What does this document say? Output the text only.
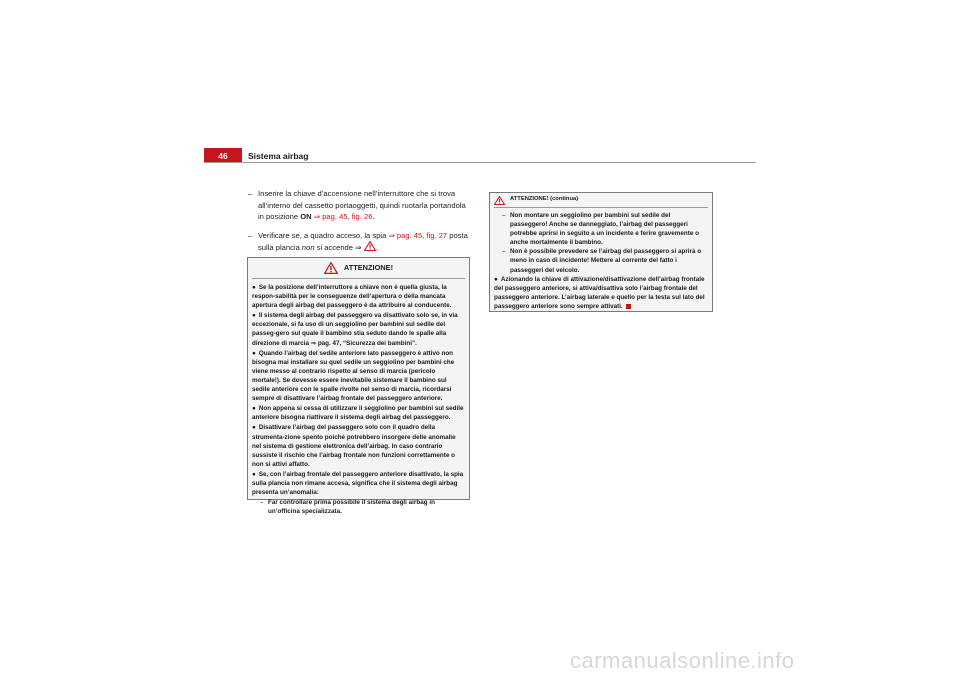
46	Sistema airbag
– Inserire la chiave d’accensione nell’interruttore che si trova all’interno del cassetto portaoggetti, quindi ruotarla portandola in posizione ON ⇒ pag. 45, fig. 26.
– Verificare se, a quadro acceso, la spia ⇒ pag. 45, fig. 27 posta sulla plancia non si accende ⇒ .
ATTENZIONE!
● Se la posizione dell’interruttore a chiave non è quella giusta, la respon-sabilità per le conseguenze dell’apertura o della mancata apertura degli airbag del passeggero è da attribuire al conducente.
● Il sistema degli airbag del passeggero va disattivato solo se, in via eccezionale, si fa uso di un seggiolino per bambini sul sedile del passeg-gero sul quale il bambino stia seduto dando le spalle alla direzione di marcia ⇒ pag. 47, “Sicurezza dei bambini”.
● Quando l’airbag del sedile anteriore lato passeggero è attivo non bisogna mai installare su quel sedile un seggiolino per bambini che viene messo al contrario rispetto al senso di marcia (pericolo mortale!). Se dovesse essere inevitabile sistemare il bambino sul sedile anteriore con le spalle rivolte nel senso di marcia, ricordarsi sempre di disattivare l’airbag frontale del passeggero anteriore.
● Non appena si cessa di utilizzare il seggiolino per bambini sul sedile anteriore bisogna riattivare il sistema degli airbag del passeggero.
● Disattivare l’airbag del passeggero solo con il quadro della strumenta-zione spento poiché potrebbero insorgere delle anomalie nel sistema di gestione elettronica dell’airbag. In caso contrario sussiste il rischio che l’airbag frontale non funzioni correttamente o non si attivi affatto.
● Se, con l’airbag frontale del passeggero anteriore disattivato, la spia sulla plancia non rimane accesa, significa che il sistema degli airbag presenta un’anomalia:
– Far controllare prima possibile il sistema degli airbag in un’officina specializzata.
ATTENZIONE! (continua)
– Non montare un seggiolino per bambini sul sedile del passeggero! Anche se danneggiato, l’airbag del passeggeri potrebbe aprirsi in seguito a un incidente e ferire gravemente o anche mortalmente il bambino.
– Non è possibile prevedere se l’airbag del passeggero si aprirà o meno in caso di incidente! Mettere al corrente del fatto i passeggeri del veicolo.
● Azionando la chiave di attivazione/disattivazione dell’airbag frontale del passeggero anteriore, si attiva/disattiva solo l’airbag frontale del passeggero anteriore. L’airbag laterale e quello per la testa sul lato del passeggero anteriore sono sempre attivati.
carmanualsonline.info
